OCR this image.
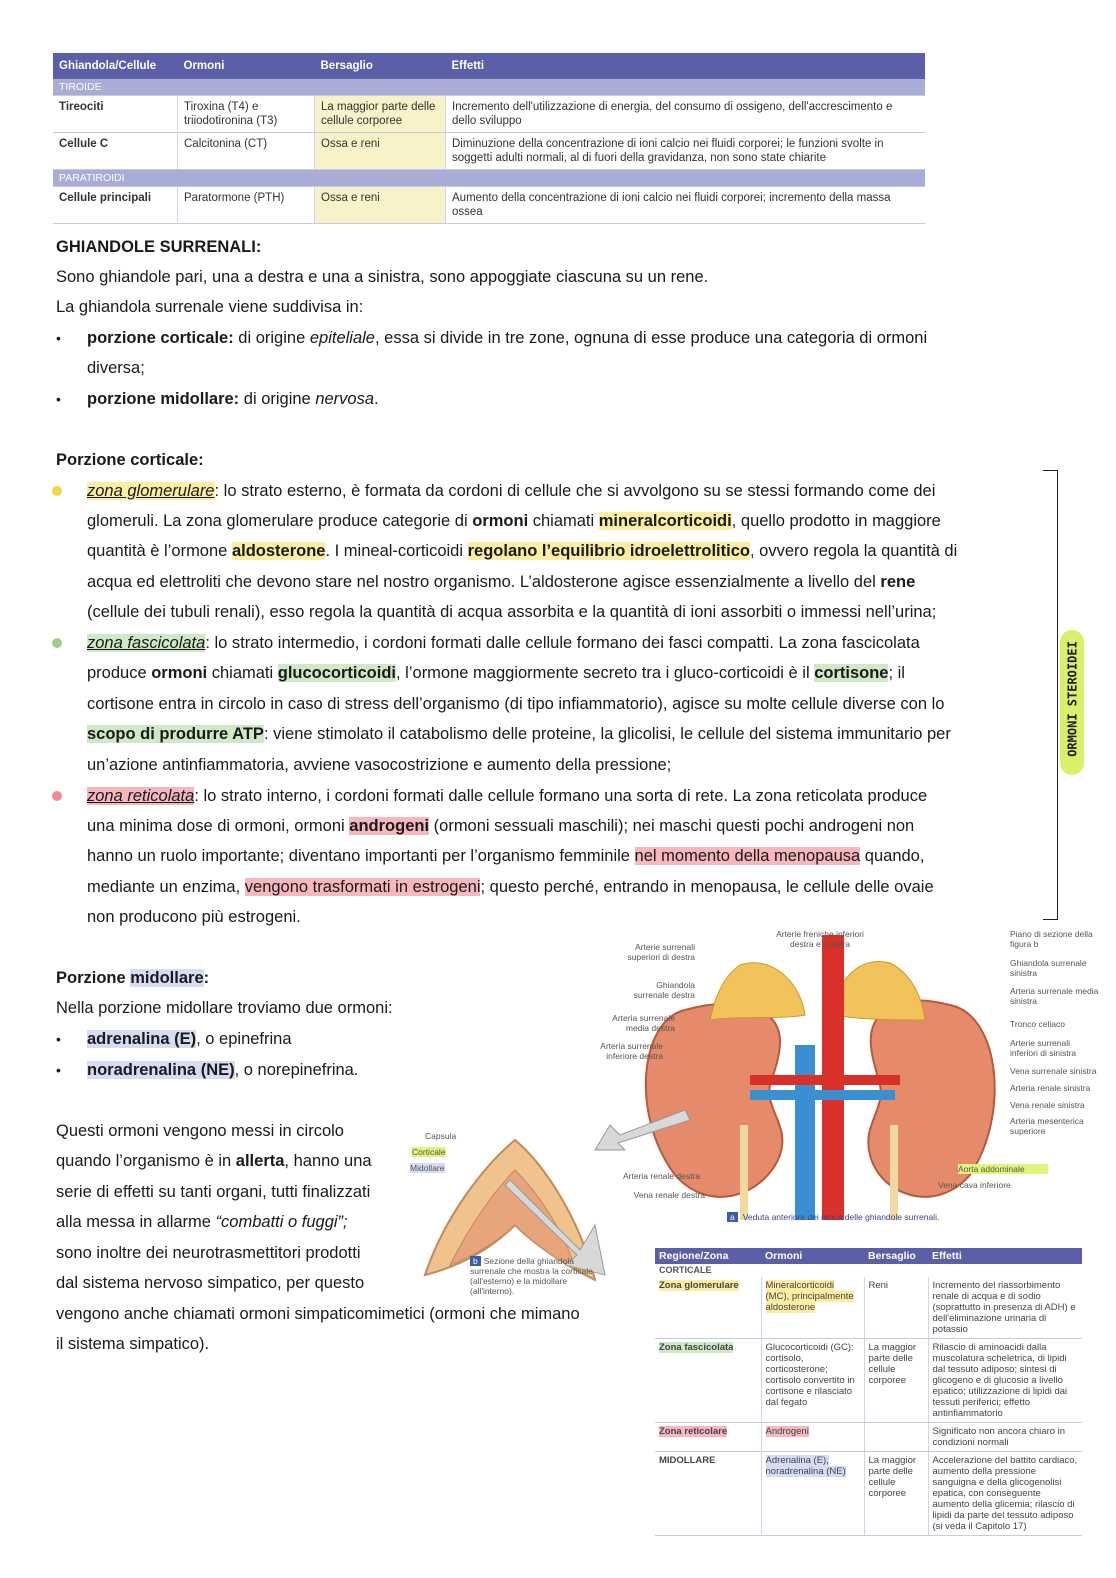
Ghiandola/Cellule	Ormoni	Bersaglio	Effetti
TIROIDE			
Tireociti	Tiroxina (T4) e triiodotironina (T3)	La maggior parte delle cellule corporee	Incremento dell'utilizzazione di energia, del consumo di ossigeno, dell'accrescimento e dello sviluppo
Cellule C	Calcitonina (CT)	Ossa e reni	Diminuzione della concentrazione di ioni calcio nei fluidi corporei; le funzioni svolte in soggetti adulti normali, al di fuori della gravidanza, non sono state chiarite
PARATIROIDI			
Cellule principali	Paratormone (PTH)	Ossa e reni	Aumento della concentrazione di ioni calcio nei fluidi corporei; incremento della massa ossea
GHIANDOLE SURRENALI:
Sono ghiandole pari, una a destra e una a sinistra, sono appoggiate ciascuna su un rene.
La ghiandola surrenale viene suddivisa in:
• porzione corticale: di origine epiteliale, essa si divide in tre zone, ognuna di esse produce una categoria di ormoni
diversa;
• porzione midollare: di origine nervosa.
Porzione corticale:
zona glomerulare: lo strato esterno, è formata da cordoni di cellule che si avvolgono su se stessi formando come dei
glomeruli. La zona glomerulare produce categorie di ormoni chiamati mineralcorticoidi, quello prodotto in maggiore
quantità è l’ormone aldosterone. I mineal-corticoidi regolano l’equilibrio idroelettrolitico, ovvero regola la quantità di
acqua ed elettroliti che devono stare nel nostro organismo. L’aldosterone agisce essenzialmente a livello del rene
(cellule dei tubuli renali), esso regola la quantità di acqua assorbita e la quantità di ioni assorbiti o immessi nell’urina;
zona fascicolata: lo strato intermedio, i cordoni formati dalle cellule formano dei fasci compatti. La zona fascicolata
produce ormoni chiamati glucocorticoidi, l’ormone maggiormente secreto tra i gluco-corticoidi è il cortisone; il
cortisone entra in circolo in caso di stress dell’organismo (di tipo infiammatorio), agisce su molte cellule diverse con lo
scopo di produrre ATP: viene stimolato il catabolismo delle proteine, la glicolisi, le cellule del sistema immunitario per
un’azione antinfiammatoria, avviene vasocostrizione e aumento della pressione;
zona reticolata: lo strato interno, i cordoni formati dalle cellule formano una sorta di rete. La zona reticolata produce
una minima dose di ormoni, ormoni androgeni (ormoni sessuali maschili); nei maschi questi pochi androgeni non
hanno un ruolo importante; diventano importanti per l’organismo femminile nel momento della menopausa quando,
mediante un enzima, vengono trasformati in estrogeni; questo perché, entrando in menopausa, le cellule delle ovaie
non producono più estrogeni.
ORMONI STEROIDEI
Porzione midollare:
Nella porzione midollare troviamo due ormoni:
• adrenalina (E), o epinefrina
• noradrenalina (NE), o norepinefrina.
Questi ormoni vengono messi in circolo
quando l’organismo è in allerta, hanno una
serie di effetti su tanti organi, tutti finalizzati
alla messa in allarme “combatti o fuggi”;
sono inoltre dei neurotrasmettitori prodotti
dal sistema nervoso simpatico, per questo
vengono anche chiamati ormoni simpaticomimetici (ormoni che mimano
il sistema simpatico).
Arterie surrenali superiori di destra
Ghiandola surrenale destra
Arteria surrenale media destra
Arteria surrenale inferiore destra
Arteria renale destra
Vena renale destra
Arterie freniche inferiori destra e sinistra
Piano di sezione della figura b
Ghiandola surrenale sinistra
Arteria surrenale media sinistra
Tronco celiaco
Arterie surrenali inferiori di sinistra
Vena surrenale sinistra
Arteria renale sinistra
Vena renale sinistra
Arteria mesenterica superiore
Aorta addominale
Vena cava inferiore
a Veduta anteriore dei reni e delle ghiandole surrenali.
Capsula
Corticale
Midollare
b Sezione della ghiandola surrenale che mostra la corticale (all'esterno) e la midollare (all'interno).
Regione/Zona	Ormoni	Bersaglio	Effetti
CORTICALE			
Zona glomerulare	Mineralcorticoidi (MC), principalmente aldosterone	Reni	Incremento del riassorbimento renale di acqua e di sodio (soprattutto in presenza di ADH) e dell'eliminazione urinaria di potassio
Zona fascicolata	Glucocorticoidi (GC): cortisolo, corticosterone; cortisolo convertito in cortisone e rilasciato dal fegato	La maggior parte delle cellule corporee	Rilascio di aminoacidi dalla muscolatura scheletrica, di lipidi dal tessuto adiposo; sintesi di glicogeno e di glucosio a livello epatico; utilizzazione di lipidi dai tessuti periferici; effetto antinfiammatorio
Zona reticolare	Androgeni		Significato non ancora chiaro in condizioni normali
MIDOLLARE	Adrenalina (E), noradrenalina (NE)	La maggior parte delle cellule corporee	Accelerazione del battito cardiaco, aumento della pressione sanguigna e della glicogenolisi epatica, con conseguente aumento della glicemia; rilascio di lipidi da parte del tessuto adiposo (si veda il Capitolo 17)
